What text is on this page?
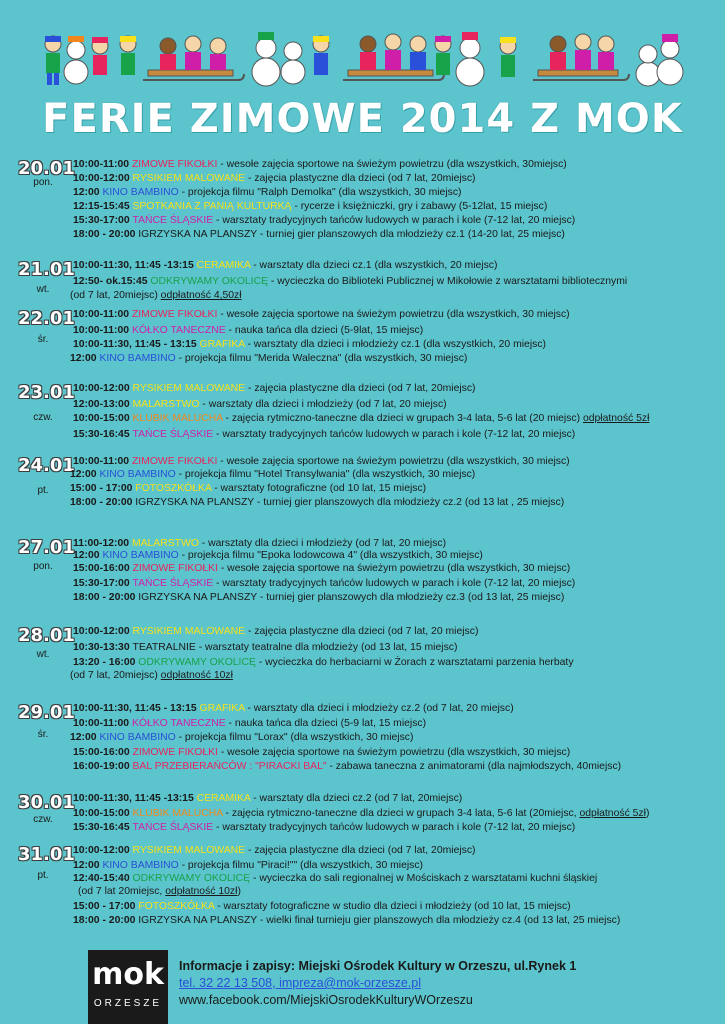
FERIE ZIMOWE 2014 Z MOK
20.01
pon.
10:00-11:00 ZIMOWE FIKOŁKI - wesołe zajęcia sportowe na świeżym powietrzu (dla wszystkich, 30miejsc)
10:00-12:00 RYSIKIEM MALOWANE - zajęcia plastyczne dla dzieci (od 7 lat, 20miejsc)
12:00 KINO BAMBINO - projekcja filmu "Ralph Demolka" (dla wszystkich, 30 miejsc)
12:15-15:45 SPOTKANIA Z PANIĄ KULTURKĄ - rycerze i księżniczki, gry i zabawy (5-12lat, 15 miejsc)
15:30-17:00 TAŃCE ŚLĄSKIE - warsztaty tradycyjnych tańców ludowych w parach i kole (7-12 lat, 20 miejsc)
18:00 - 20:00 IGRZYSKA NA PLANSZY - turniej gier planszowych dla młodzieży cz.1 (14-20 lat, 25 miejsc)
21.01
wt.
10:00-11:30, 11:45 -13:15 CERAMIKA - warsztaty dla dzieci cz.1 (dla wszystkich, 20 miejsc)
12:50- ok.15:45 ODKRYWAMY OKOLICĘ - wycieczka do Biblioteki Publicznej w Mikołowie z warsztatami bibliotecznymi
(od 7 lat, 20miejsc) odpłatność 4,50zł
22.01
śr.
10:00-11:00 ZIMOWE FIKOŁKI - wesołe zajęcia sportowe na świeżym powietrzu (dla wszystkich, 30 miejsc)
10:00-11:00 KÓŁKO TANECZNE - nauka tańca dla dzieci (5-9lat, 15 miejsc)
10:00-11:30, 11:45 - 13:15 GRAFIKA - warsztaty dla dzieci i młodzieży cz.1 (dla wszystkich, 20 miejsc)
12:00 KINO BAMBINO - projekcja filmu "Merida Waleczna" (dla wszystkich, 30 miejsc)
23.01
czw.
10:00-12:00 RYSIKIEM MALOWANE - zajęcia plastyczne dla dzieci (od 7 lat, 20miejsc)
12:00-13:00 MALARSTWO - warsztaty dla dzieci i młodzieży (od 7 lat, 20 miejsc)
10:00-15:00 KLUBIK MALUCHA - zajęcia rytmiczno-taneczne dla dzieci w grupach 3-4 lata, 5-6 lat (20 miejsc) odpłatność 5zł
15:30-16:45 TAŃCE ŚLĄSKIE - warsztaty tradycyjnych tańców ludowych w parach i kole (7-12 lat, 20 miejsc)
24.01
pt.
10:00-11:00 ZIMOWE FIKOŁKI - wesołe zajęcia sportowe na świeżym powietrzu (dla wszystkich, 30 miejsc)
12:00 KINO BAMBINO - projekcja filmu "Hotel Transylwania" (dla wszystkich, 30 miejsc)
15:00 - 17:00 FOTOSZKÓŁKA - warsztaty fotograficzne (od 10 lat, 15 miejsc)
18:00 - 20:00 IGRZYSKA NA PLANSZY - turniej gier planszowych dla młodzieży cz.2 (od 13 lat , 25 miejsc)
27.01
pon.
11:00-12:00 MALARSTWO - warsztaty dla dzieci i młodzieży (od 7 lat, 20 miejsc)
12:00 KINO BAMBINO - projekcja filmu "Epoka lodowcowa 4" (dla wszystkich, 30 miejsc)
15:00-16:00 ZIMOWE FIKOŁKI - wesołe zajęcia sportowe na świeżym powietrzu (dla wszystkich, 30 miejsc)
15:30-17:00 TAŃCE ŚLĄSKIE - warsztaty tradycyjnych tańców ludowych w parach i kole (7-12 lat, 20 miejsc)
18:00 - 20:00 IGRZYSKA NA PLANSZY - turniej gier planszowych dla młodzieży cz.3 (od 13 lat, 25 miejsc)
28.01
wt.
10:00-12:00 RYSIKIEM MALOWANE - zajęcia plastyczne dla dzieci (od 7 lat, 20 miejsc)
10:30-13:30 TEATRALNIE - warsztaty teatralne dla młodzieży (od 13 lat, 15 miejsc)
13:20 - 16:00 ODKRYWAMY OKOLICĘ - wycieczka do herbaciarni w Żorach z warsztatami parzenia herbaty
(od 7 lat, 20miejsc) odpłatność 10zł
29.01
śr.
10:00-11:30, 11:45 - 13:15 GRAFIKA - warsztaty dla dzieci i młodzieży cz.2 (od 7 lat, 20 miejsc)
10:00-11:00 KÓŁKO TANECZNE - nauka tańca dla dzieci (5-9 lat, 15 miejsc)
12:00 KINO BAMBINO - projekcja filmu "Lorax" (dla wszystkich, 30 miejsc)
15:00-16:00 ZIMOWE FIKOŁKI - wesołe zajęcia sportowe na świeżym powietrzu (dla wszystkich, 30 miejsc)
16:00-19:00 BAL PRZEBIERAŃCÓW : "PIRACKI BAL" - zabawa taneczna z animatorami (dla najmłodszych, 40miejsc)
30.01
czw.
10:00-11:30, 11:45 -13:15 CERAMIKA - warsztaty dla dzieci cz.2 (od 7 lat, 20miejsc)
10:00-15:00 KLUBIK MALUCHA - zajęcia rytmiczno-taneczne dla dzieci w grupach 3-4 lata, 5-6 lat (20miejsc, odpłatność 5zł)
15:30-16:45 TAŃCE ŚLĄSKIE - warsztaty tradycyjnych tańców ludowych w parach i kole (7-12 lat, 20 miejsc)
31.01
pt.
10:00-12:00 RYSIKIEM MALOWANE - zajęcia plastyczne dla dzieci (od 7 lat, 20miejsc)
12:00 KINO BAMBINO - projekcja filmu "Piraci!"" (dla wszystkich, 30 miejsc)
12:40-15:40 ODKRYWAMY OKOLICĘ - wycieczka do sali regionalnej w Mościskach z warsztatami kuchni śląskiej
(od 7 lat 20miejsc, odpłatność 10zł)
15:00 - 17:00 FOTOSZKÓŁKA - warsztaty fotograficzne w studio dla dzieci i młodzieży (od 10 lat, 15 miejsc)
18:00 - 20:00 IGRZYSKA NA PLANSZY - wielki finał turnieju gier planszowych dla młodzieży cz.4 (od 13 lat, 25 miejsc)
mok
ORZESZE
Informacje i zapisy: Miejski Ośrodek Kultury w Orzeszu, ul.Rynek 1
tel. 32 22 13 508, impreza@mok-orzesze.pl
www.facebook.com/MiejskiOsrodekKulturyWOrzeszu
